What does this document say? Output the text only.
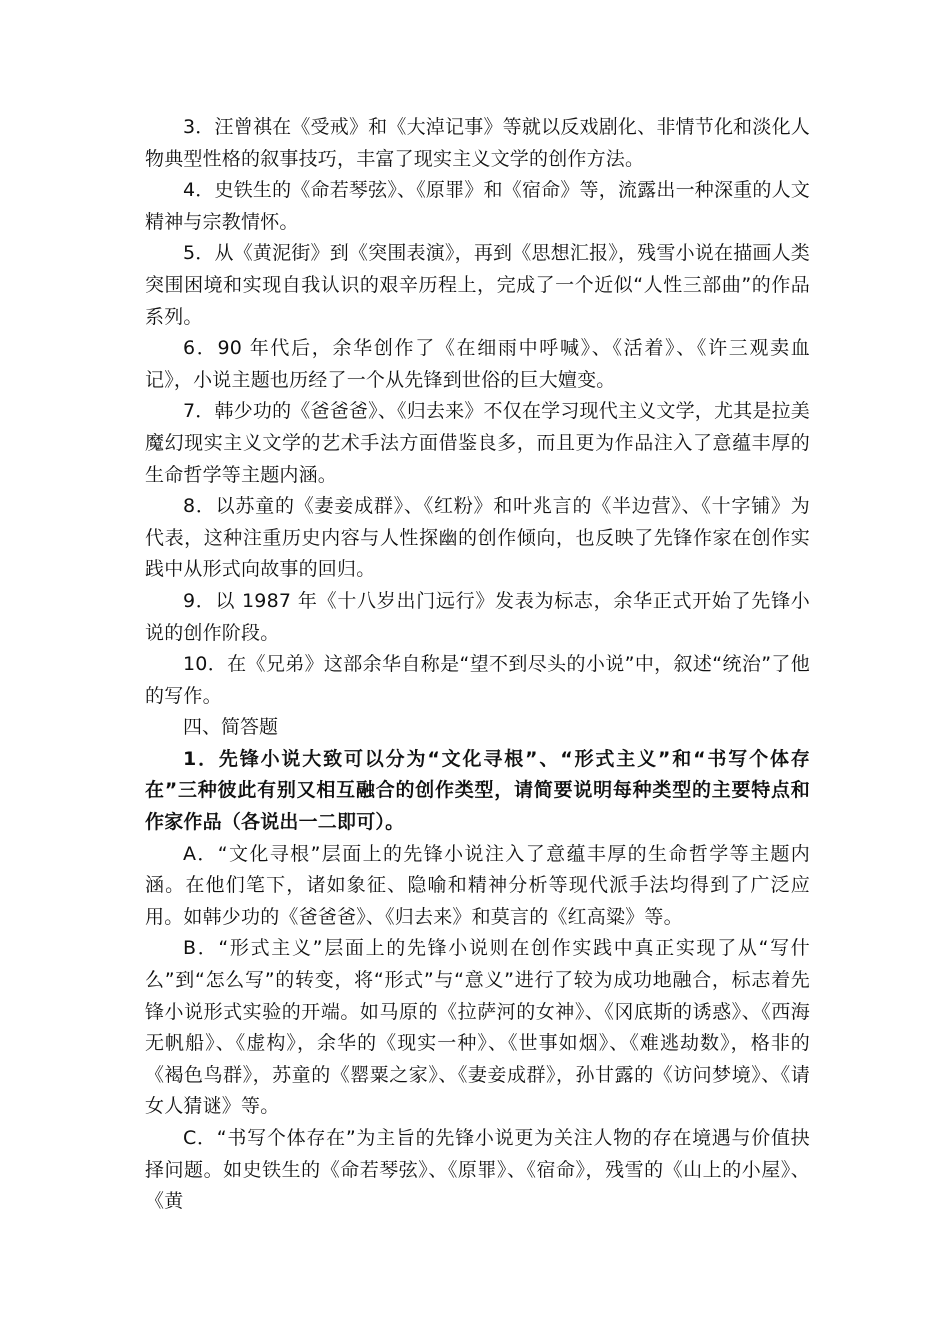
3．汪曾祺在《受戒》和《大淖记事》等就以反戏剧化、非情节化和淡化人物典型性格的叙事技巧，丰富了现实主义文学的创作方法。

4．史铁生的《命若琴弦》、《原罪》和《宿命》等，流露出一种深重的人文精神与宗教情怀。

5．从《黄泥街》到《突围表演》，再到《思想汇报》，残雪小说在描画人类突围困境和实现自我认识的艰辛历程上，完成了一个近似“人性三部曲”的作品系列。

6．90 年代后，余华创作了《在细雨中呼喊》、《活着》、《许三观卖血记》，小说主题也历经了一个从先锋到世俗的巨大嬗变。

7．韩少功的《爸爸爸》、《归去来》不仅在学习现代主义文学，尤其是拉美魔幻现实主义文学的艺术手法方面借鉴良多，而且更为作品注入了意蕴丰厚的生命哲学等主题内涵。

8．以苏童的《妻妾成群》、《红粉》和叶兆言的《半边营》、《十字铺》为代表，这种注重历史内容与人性探幽的创作倾向，也反映了先锋作家在创作实践中从形式向故事的回归。

9．以 1987 年《十八岁出门远行》发表为标志，余华正式开始了先锋小说的创作阶段。

10．在《兄弟》这部余华自称是“望不到尽头的小说”中，叙述“统治”了他的写作。

四、简答题

1．先锋小说大致可以分为“文化寻根”、“形式主义”和“书写个体存在”三种彼此有别又相互融合的创作类型，请简要说明每种类型的主要特点和作家作品（各说出一二即可）。

A．“文化寻根”层面上的先锋小说注入了意蕴丰厚的生命哲学等主题内涵。在他们笔下，诸如象征、隐喻和精神分析等现代派手法均得到了广泛应用。如韩少功的《爸爸爸》、《归去来》和莫言的《红高粱》等。

B．“形式主义”层面上的先锋小说则在创作实践中真正实现了从“写什么”到“怎么写”的转变，将“形式”与“意义”进行了较为成功地融合，标志着先锋小说形式实验的开端。如马原的《拉萨河的女神》、《冈底斯的诱惑》、《西海无帆船》、《虚构》，余华的《现实一种》、《世事如烟》、《难逃劫数》，格非的《褐色鸟群》，苏童的《罂粟之家》、《妻妾成群》，孙甘露的《访问梦境》、《请女人猜谜》等。

C．“书写个体存在”为主旨的先锋小说更为关注人物的存在境遇与价值抉择问题。如史铁生的《命若琴弦》、《原罪》、《宿命》，残雪的《山上的小屋》、《黄
